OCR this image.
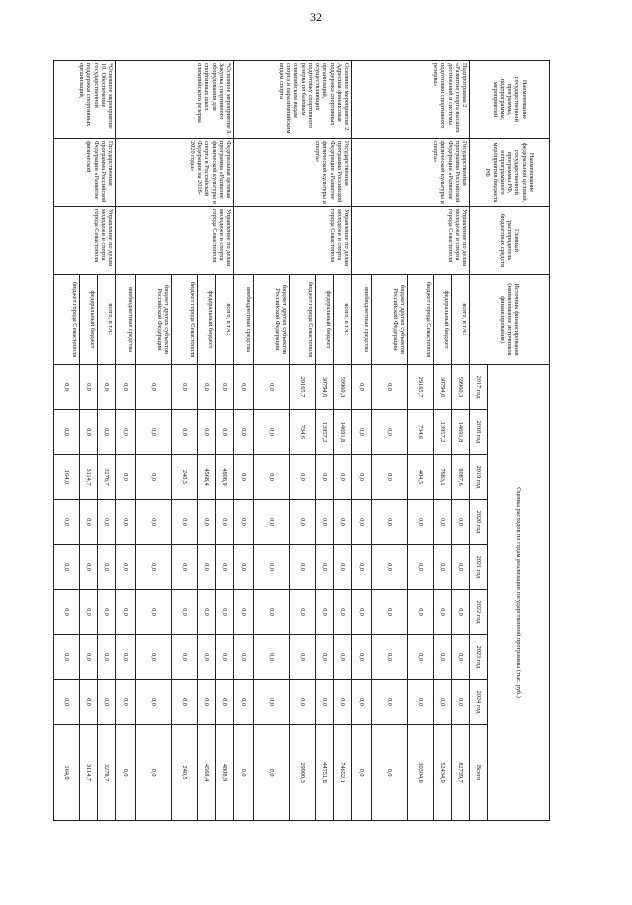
32
Наименование государственной программы, подпрограммы, мероприятий	Наименование федеральной целевой, государственной программы РФ, непрограммного мероприятия бюджета РФ	Главный распорядитель бюджетных средств	Источник финансирования (наименование источников финансирования)	Оценка расходов по годам реализации государственной программы (тыс. руб.)								
				2017 год	2018 год	2019 год	2020 год	2021 год	2022 год	2023 год	2024 год	Всего
Подпрограмма 2 «Развитие спорта высших достижений и системы подготовки спортивного резерва»	Государственная программа Российской Федерации «Развитие физической культуры и спорта»	Управление по делам молодежи и спорта города Севастополя	всего, в т.ч.:	59960,3	14691,8	8087,6	0,0	0,0	0,0	0,0	0,0	82739,7
			федеральный бюджет	30794,6	13957,2	7683,1	0,0	0,0	0,0	0,0	0,0	52434,9
			бюджет города Севастополя	29165,7	734,6	404,5	0,0	0,0	0,0	0,0	0,0	30304,8
			бюджет других субъектов Российской Федерации	0,0	0,0	0,0	0,0	0,0	0,0	0,0	0,0	0,0
			внебюджетные средства	0,0	0,0	0,0	0,0	0,0	0,0	0,0	0,0	0,0
Основное мероприятие 2. Адресная финансовая поддержка спортивных организаций, осуществляющих подготовку спортивного резерва по базовым олимпийским видам спорта и паралимпийским видам спорта	Государственная программа Российской Федерации «Развитие физической культуры и спорта»	Управление по делам молодежи и спорта города Севастополя	всего, в т.ч.:	59960,3	14691,8	0,0	0,0	0,0	0,0	0,0	0,0	74652,1
			федеральный бюджет	30794,6	13957,2	0,0	0,0	0,0	0,0	0,0	0,0	44751,8
			бюджет города Севастополя	29165,7	734,6	0,0	0,0	0,0	0,0	0,0	0,0	29900,3
			бюджет других субъектов Российской Федерации	0,0	0,0	0,0	0,0	0,0	0,0	0,0	0,0	0,0
			внебюджетные средства	0,0	0,0	0,0	0,0	0,0	0,0	0,0	0,0	0,0
*Основное мероприятие 9. Закупка спортивного оборудования для спортивных школ олимпийского резерва	Федеральная целевая программа «Развитие физической культуры и спорта в Российской Федерации на 2016-2020 годы»	Управление по делам молодежи и спорта города Севастополя	всего, в т.ч.:	0,0	0,0	4808,9	0,0	0,0	0,0	0,0	0,0	4808,9
			федеральный бюджет	0,0	0,0	4568,4	0,0	0,0	0,0	0,0	0,0	4568,4
			бюджет города Севастополя	0,0	0,0	240,5	0,0	0,0	0,0	0,0	0,0	240,5
			бюджет других субъектов Российской Федерации	0,0	0,0	0,0	0,0	0,0	0,0	0,0	0,0	0,0
			внебюджетные средства	0,0	0,0	0,0	0,0	0,0	0,0	0,0	0,0	0,0
*Основное мероприятие 10. Обеспечение государственной поддержки спортивных организаций,	Государственная программа Российской Федерации «Развитие физической	Управление по делам молодежи и спорта города Севастополя	всего, в т.ч.:	0,0	0,0	3278,7	0,0	0,0	0,0	0,0	0,0	3278,7
			федеральный бюджет	0,0	0,0	3114,7	0,0	0,0	0,0	0,0	0,0	3114,7
			бюджет города Севастополя	0,0	0,0	164,0	0,0	0,0	0,0	0,0	0,0	164,0
